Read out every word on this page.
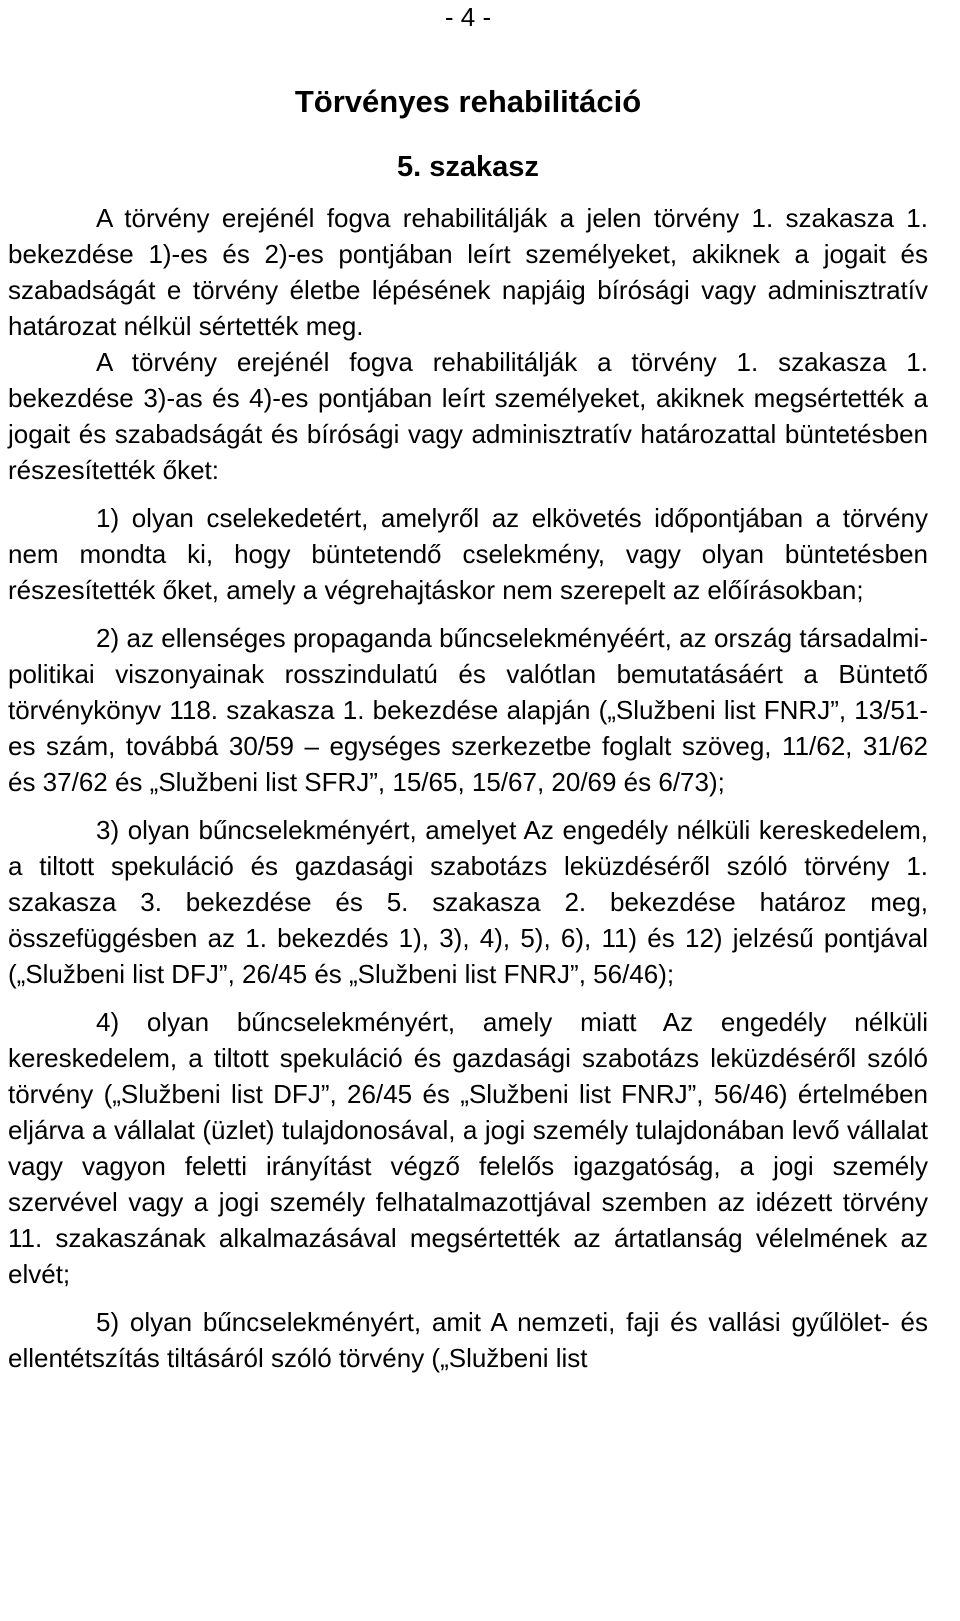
- 4 -
Törvényes rehabilitáció
5. szakasz

A törvény erejénél fogva rehabilitálják a jelen törvény 1. szakasza 1. bekezdése 1)-es és 2)-es pontjában leírt személyeket, akiknek a jogait és szabadságát e törvény életbe lépésének napjáig bírósági vagy adminisztratív határozat nélkül sértették meg.

A törvény erejénél fogva rehabilitálják a törvény 1. szakasza 1. bekezdése 3)-as és 4)-es pontjában leírt személyeket, akiknek megsértették a jogait és szabadságát és bírósági vagy adminisztratív határozattal büntetésben részesítették őket:

1) olyan cselekedetért, amelyről az elkövetés időpontjában a törvény nem mondta ki, hogy büntetendő cselekmény, vagy olyan büntetésben részesítették őket, amely a végrehajtáskor nem szerepelt az előírásokban;

2) az ellenséges propaganda bűncselekményéért, az ország társadalmi-politikai viszonyainak rosszindulatú és valótlan bemutatásáért a Büntető törvénykönyv 118. szakasza 1. bekezdése alapján („Službeni list FNRJ”, 13/51-es szám, továbbá 30/59 – egységes szerkezetbe foglalt szöveg, 11/62, 31/62 és 37/62 és „Službeni list SFRJ”, 15/65, 15/67, 20/69 és 6/73);

3) olyan bűncselekményért, amelyet Az engedély nélküli kereskedelem, a tiltott spekuláció és gazdasági szabotázs leküzdéséről szóló törvény 1. szakasza 3. bekezdése és 5. szakasza 2. bekezdése határoz meg, összefüggésben az 1. bekezdés 1), 3), 4), 5), 6), 11) és 12) jelzésű pontjával („Službeni list DFJ”, 26/45 és „Službeni list FNRJ”, 56/46);

4) olyan bűncselekményért, amely miatt Az engedély nélküli kereskedelem, a tiltott spekuláció és gazdasági szabotázs leküzdéséről szóló törvény („Službeni list DFJ”, 26/45 és „Službeni list FNRJ”, 56/46) értelmében eljárva a vállalat (üzlet) tulajdonosával, a jogi személy tulajdonában levő vállalat vagy vagyon feletti irányítást végző felelős igazgatóság, a jogi személy szervével vagy a jogi személy felhatalmazottjával szemben az idézett törvény 11. szakaszának alkalmazásával megsértették az ártatlanság vélelmének az elvét;

5) olyan bűncselekményért, amit A nemzeti, faji és vallási gyűlölet- és ellentétszítás tiltásáról szóló törvény („Službeni list
